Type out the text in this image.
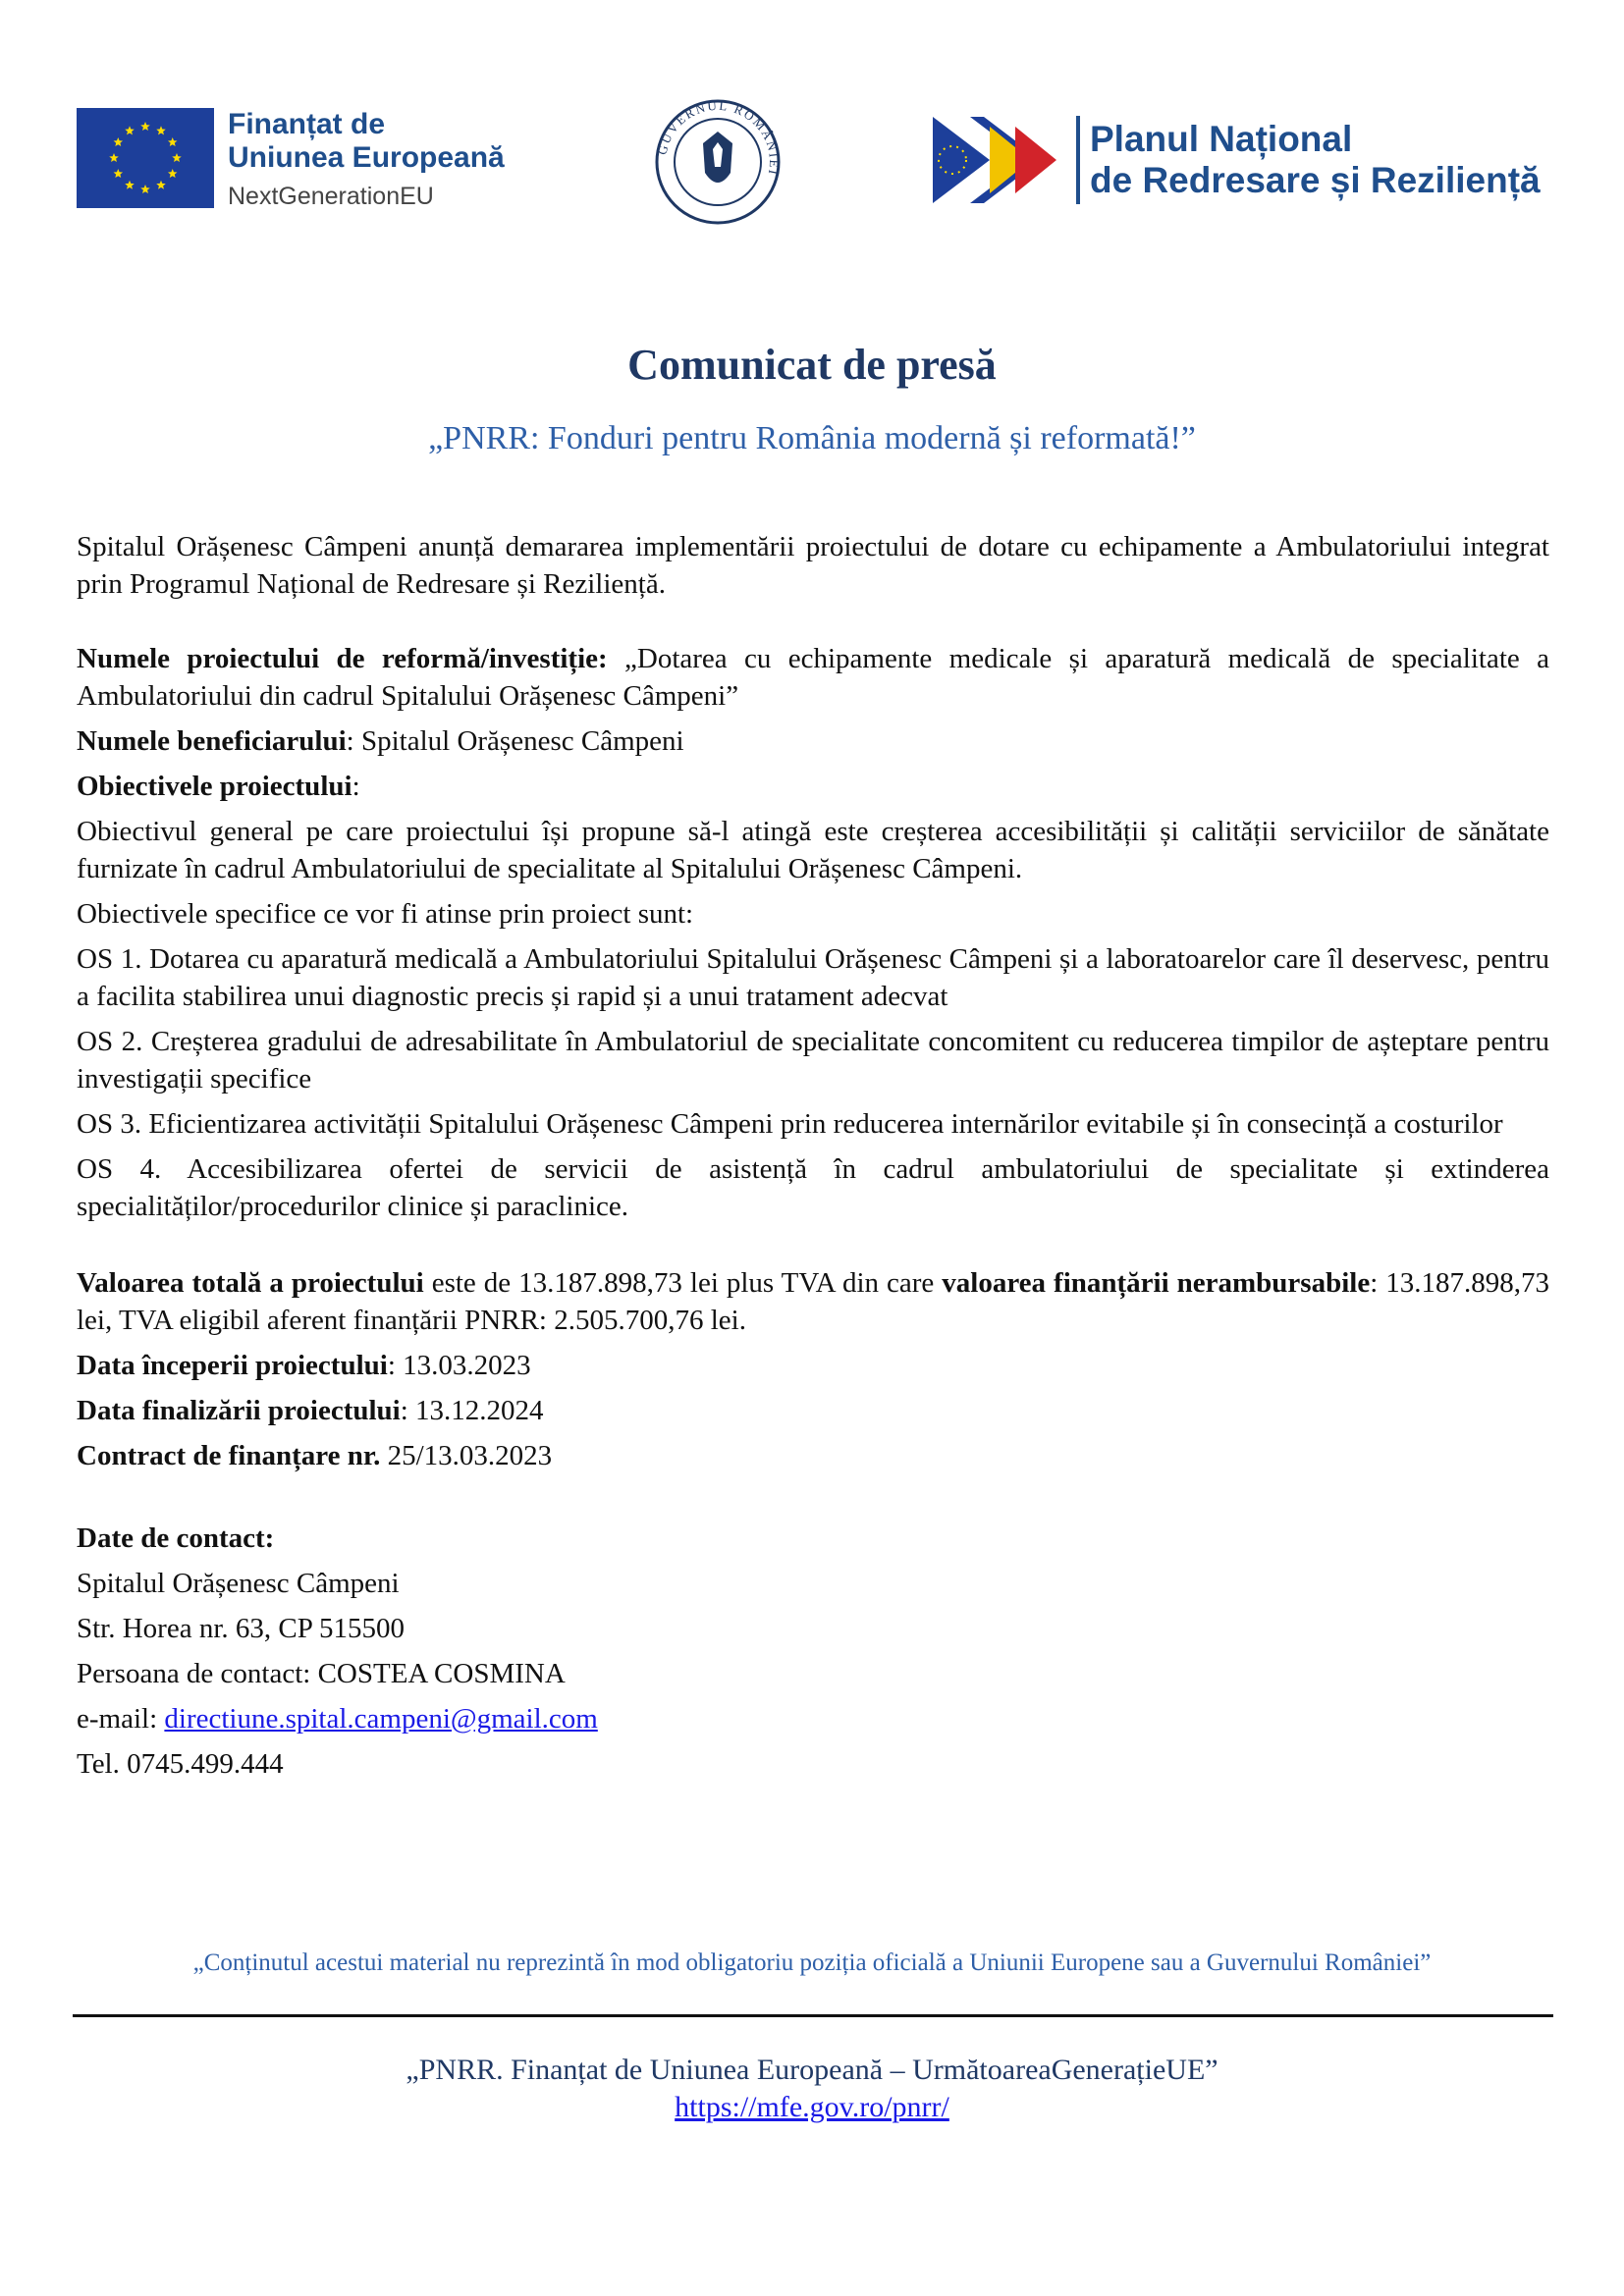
Finanțat de
Uniunea Europeană
NextGenerationEU
GUVERNUL ROMÂNIEI
Planul Național
de Redresare și Reziliență
Comunicat de presă
„PNRR: Fonduri pentru România modernă și reformată!”

Spitalul Orășenesc Câmpeni anunță demararea implementării proiectului de dotare cu echipamente a Ambulatoriului integrat prin Programul Național de Redresare și Reziliență.

Numele proiectului de reformă/investiție: „Dotarea cu echipamente medicale și aparatură medicală de specialitate a Ambulatoriului din cadrul Spitalului Orășenesc Câmpeni”

Numele beneficiarului: Spitalul Orășenesc Câmpeni

Obiectivele proiectului:

Obiectivul general pe care proiectului își propune să-l atingă este creșterea accesibilității și calității serviciilor de sănătate furnizate în cadrul Ambulatoriului de specialitate al Spitalului Orășenesc Câmpeni.

Obiectivele specifice ce vor fi atinse prin proiect sunt:

OS 1. Dotarea cu aparatură medicală a Ambulatoriului Spitalului Orășenesc Câmpeni și a laboratoarelor care îl deservesc, pentru a facilita stabilirea unui diagnostic precis și rapid și a unui tratament adecvat

OS 2. Creșterea gradului de adresabilitate în Ambulatoriul de specialitate concomitent cu reducerea timpilor de așteptare pentru investigații specifice

OS 3. Eficientizarea activității Spitalului Orășenesc Câmpeni prin reducerea internărilor evitabile și în consecință a costurilor

OS 4. Accesibilizarea ofertei de servicii de asistență în cadrul ambulatoriului de specialitate și extinderea specialităților/procedurilor clinice și paraclinice.

Valoarea totală a proiectului este de 13.187.898,73 lei plus TVA din care valoarea finanțării nerambursabile: 13.187.898,73 lei, TVA eligibil aferent finanțării PNRR: 2.505.700,76 lei.

Data începerii proiectului: 13.03.2023

Data finalizării proiectului: 13.12.2024

Contract de finanțare nr. 25/13.03.2023

Date de contact:

Spitalul Orășenesc Câmpeni

Str. Horea nr. 63, CP 515500

Persoana de contact: COSTEA COSMINA

e-mail: directiune.spital.campeni@gmail.com

Tel. 0745.499.444

„Conținutul acestui material nu reprezintă în mod obligatoriu poziția oficială a Uniunii Europene sau a Guvernului României”
„PNRR. Finanțat de Uniunea Europeană – UrmătoareaGenerațieUE”
https://mfe.gov.ro/pnrr/
